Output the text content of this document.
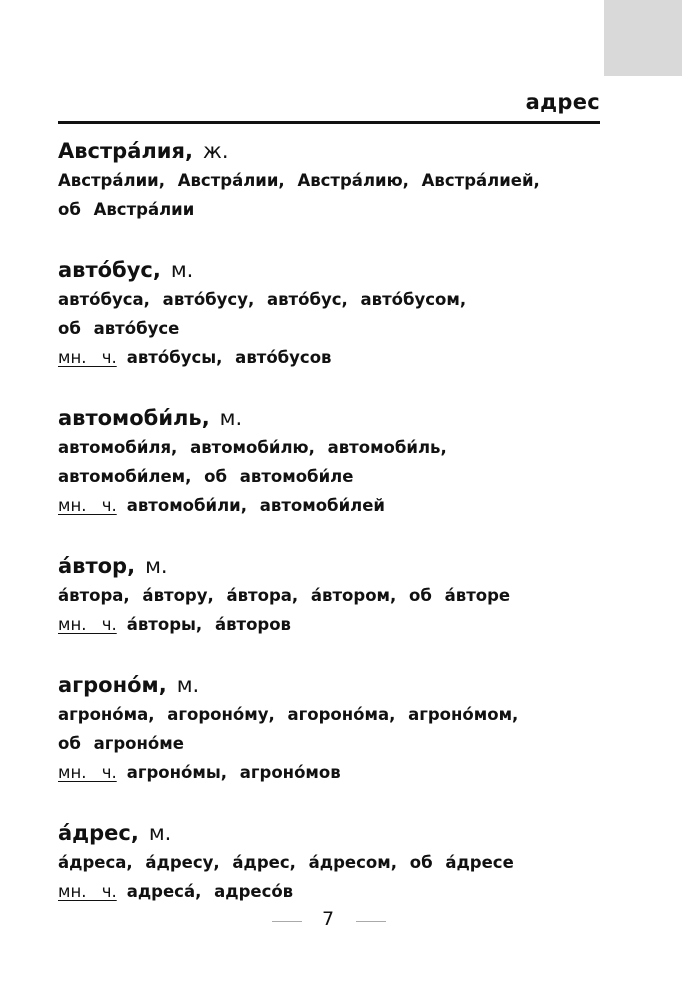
адрес
Австра́лия, ж.
Австра́лии, Австра́лии, Австра́лию, Австра́лией,
об Австра́лии
авто́бус, м.
авто́буса, авто́бусу, авто́бус, авто́бусом,
об авто́бусе
мн. ч. авто́бусы, авто́бусов
автомоби́ль, м.
автомоби́ля, автомоби́лю, автомоби́ль,
автомоби́лем, об автомоби́ле
мн. ч. автомоби́ли, автомоби́лей
а́втор, м.
а́втора, а́втору, а́втора, а́втором, об а́вторе
мн. ч. а́вторы, а́второв
агроно́м, м.
агроно́ма, агороно́му, агороно́ма, агроно́мом,
об агроно́ме
мн. ч. агроно́мы, агроно́мов
а́дрес, м.
а́дреса, а́дресу, а́дрес, а́дресом, об а́дресе
мн. ч. адреса́, адресо́в
7
